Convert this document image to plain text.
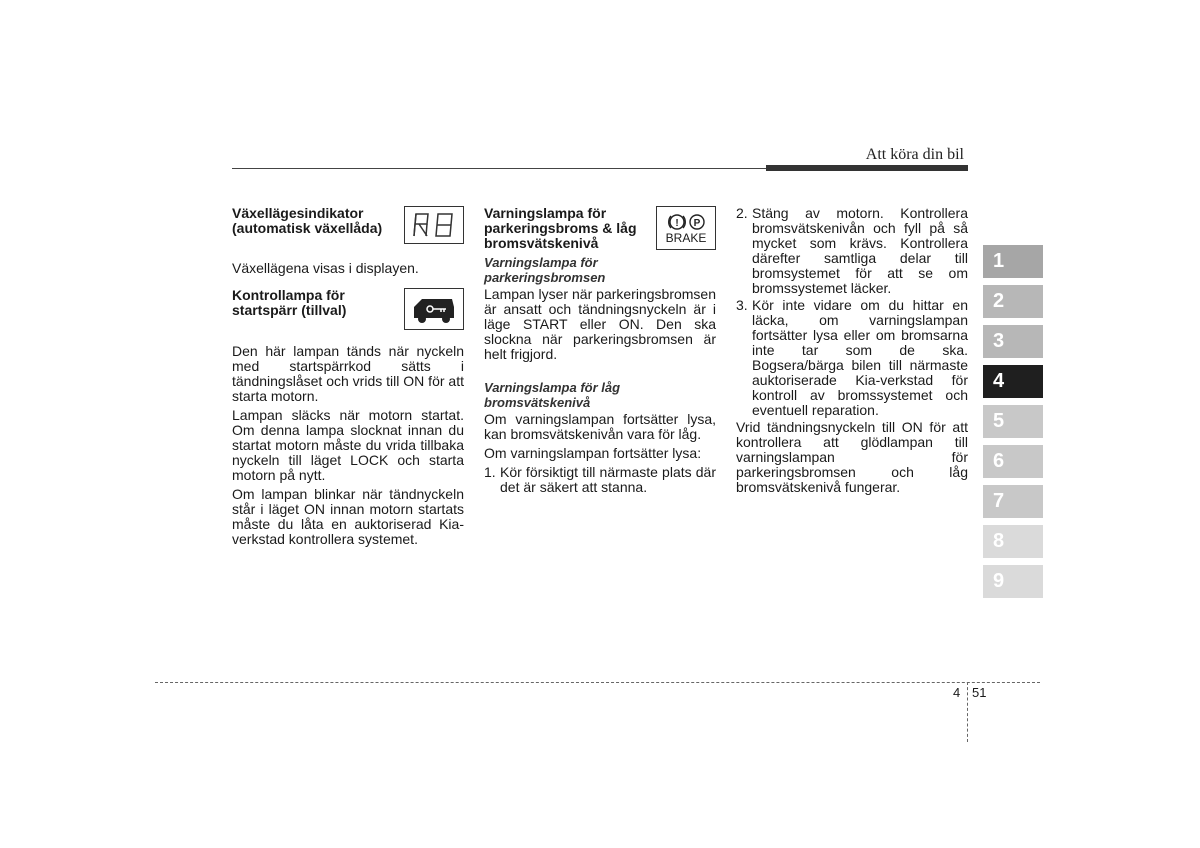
Att köra din bil
Växellägesindikator (automatisk växellåda)

Växellägena visas i displayen.

Kontrollampa för startspärr (tillval)

Den här lampan tänds när nyckeln med startspärrkod sätts i tändningslåset och vrids till ON för att starta motorn.

Lampan släcks när motorn startat. Om denna lampa slocknat innan du startat motorn måste du vrida tillbaka nyckeln till läget LOCK och starta motorn på nytt.

Om lampan blinkar när tändnyckeln står i läget ON innan motorn startats måste du låta en auktoriserad Kia-verkstad kontrollera systemet.

Varningslampa för parkeringsbroms & låg bromsvätskenivå
! P
BRAKE
Varningslampa för parkeringsbromsen

Lampan lyser när parkeringsbromsen är ansatt och tändningsnyckeln är i läge START eller ON. Den ska slockna när parkeringsbromsen är helt frigjord.

Varningslampa för låg bromsvätskenivå

Om varningslampan fortsätter lysa, kan bromsvätskenivån vara för låg.

Om varningslampan fortsätter lysa:

1. Kör försiktigt till närmaste plats där det är säkert att stanna.
2. Stäng av motorn. Kontrollera bromsvätskenivån och fyll på så mycket som krävs. Kontrollera därefter samtliga delar till bromsystemet för att se om bromssystemet läcker.
3. Kör inte vidare om du hittar en läcka, om varningslampan fortsätter lysa eller om bromsarna inte tar som de ska. Bogsera/bärga bilen till närmaste auktoriserade Kia-verkstad för kontroll av bromssystemet och eventuell reparation.

Vrid tändningsnyckeln till ON för att kontrollera att glödlampan till varningslampan för parkeringsbromsen och låg bromsvätskenivå fungerar.

1
2
3
4
5
6
7
8
9
4 51
